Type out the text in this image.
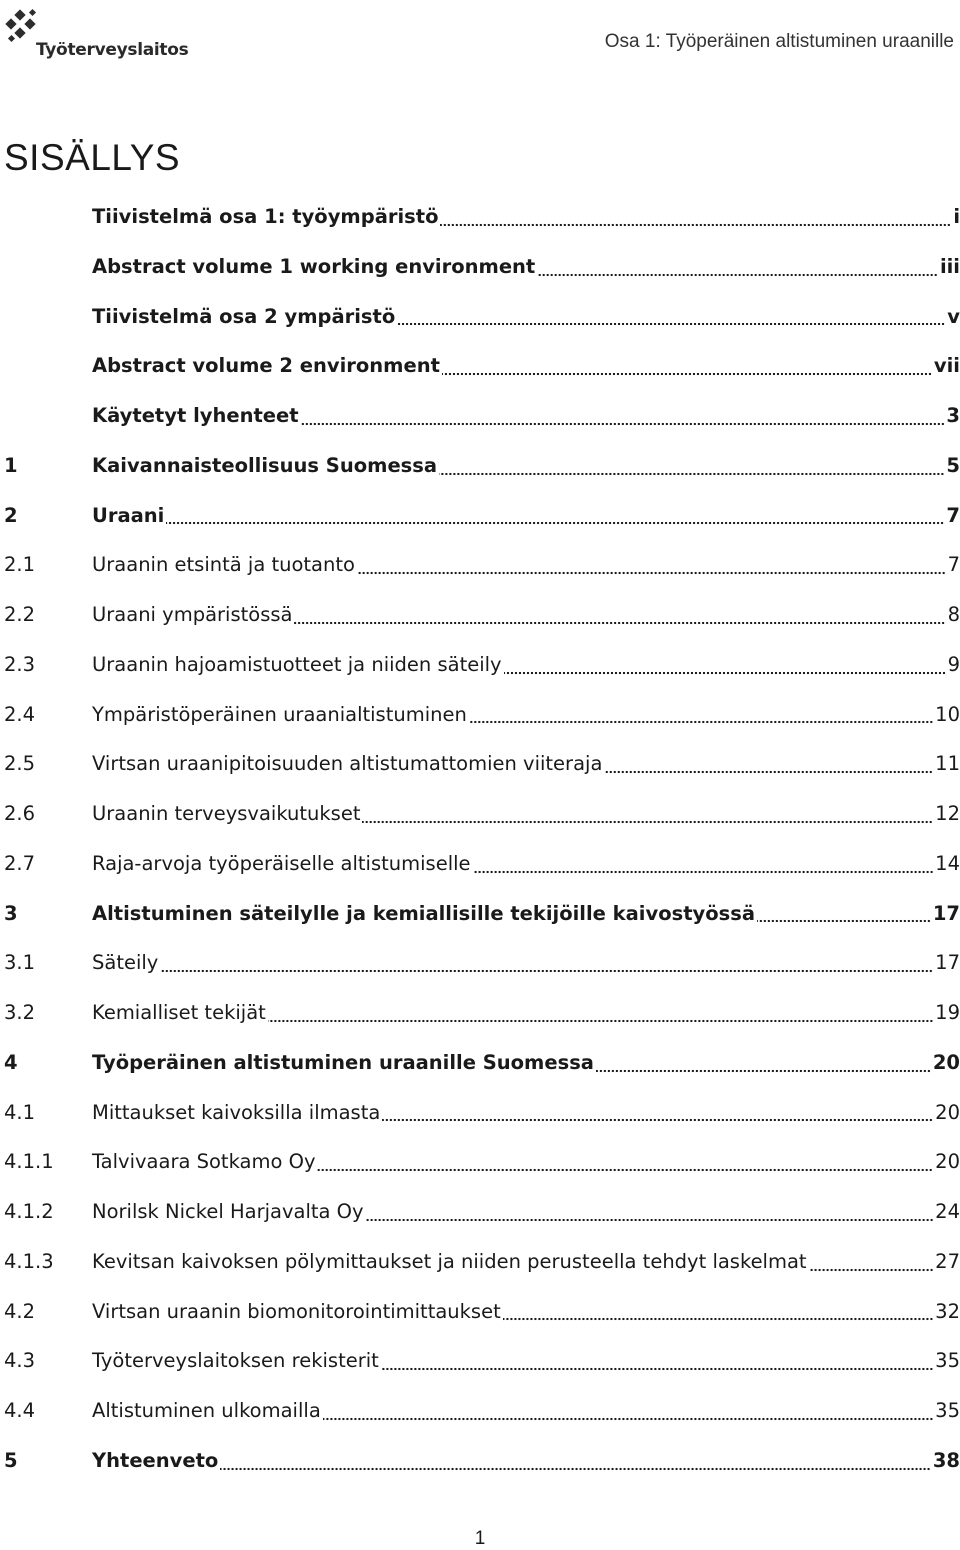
Työterveyslaitos	Osa 1: Työperäinen altistuminen uraanille
SISÄLLYS
Tiivistelmä osa 1: työympäristö	i
Abstract volume 1 working environment	iii
Tiivistelmä osa 2 ympäristö	v
Abstract volume 2 environment	vii
Käytetyt lyhenteet	3
1	Kaivannaisteollisuus Suomessa	5
2	Uraani	7
2.1	Uraanin etsintä ja tuotanto	7
2.2	Uraani ympäristössä	8
2.3	Uraanin hajoamistuotteet ja niiden säteily	9
2.4	Ympäristöperäinen uraanialtistuminen	10
2.5	Virtsan uraanipitoisuuden altistumattomien viiteraja	11
2.6	Uraanin terveysvaikutukset	12
2.7	Raja-arvoja työperäiselle altistumiselle	14
3	Altistuminen säteilylle ja kemiallisille tekijöille kaivostyössä	17
3.1	Säteily	17
3.2	Kemialliset tekijät	19
4	Työperäinen altistuminen uraanille Suomessa	20
4.1	Mittaukset kaivoksilla ilmasta	20
4.1.1	Talvivaara Sotkamo Oy	20
4.1.2	Norilsk Nickel Harjavalta Oy	24
4.1.3	Kevitsan kaivoksen pölymittaukset ja niiden perusteella tehdyt laskelmat	27
4.2	Virtsan uraanin biomonitorointimittaukset	32
4.3	Työterveyslaitoksen rekisterit	35
4.4	Altistuminen ulkomailla	35
5	Yhteenveto	38
1
